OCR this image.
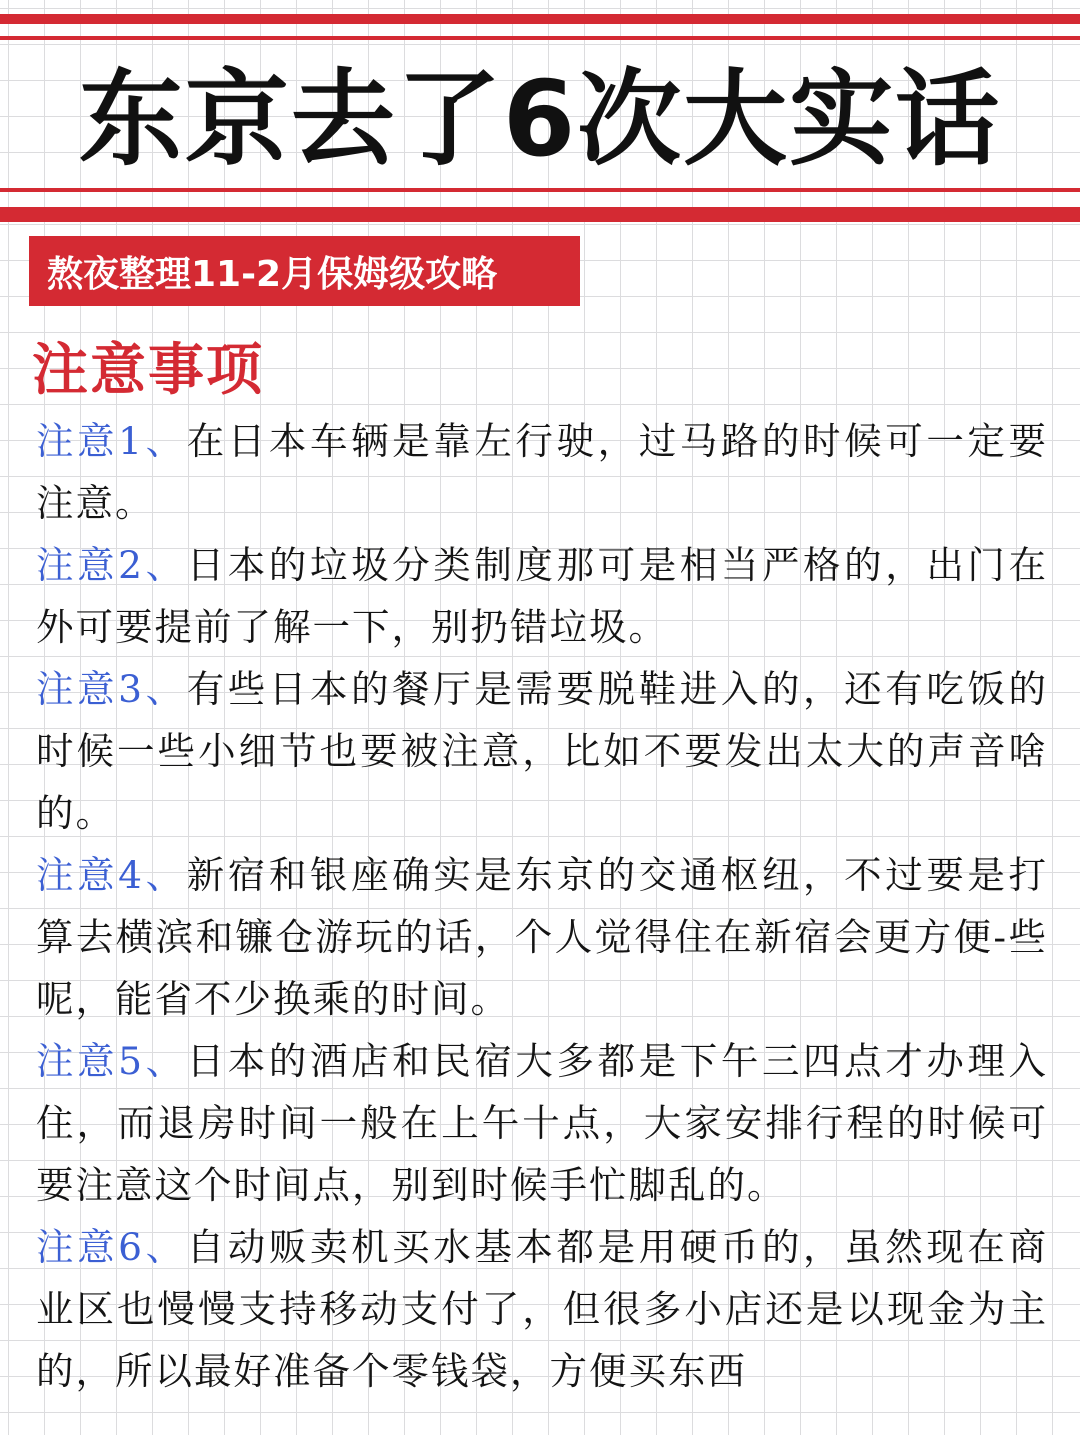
东京去了6次大实话
熬夜整理11-2月保姆级攻略
注意事项

注意1、在日本车辆是靠左行驶，过马路的时候可一定要注意。

注意2、日本的垃圾分类制度那可是相当严格的，出门在外可要提前了解一下，别扔错垃圾。

注意3、有些日本的餐厅是需要脱鞋进入的，还有吃饭的时候一些小细节也要被注意，比如不要发出太大的声音啥的。

注意4、新宿和银座确实是东京的交通枢纽，不过要是打算去横滨和镰仓游玩的话，个人觉得住在新宿会更方便-些呢，能省不少换乘的时间。

注意5、日本的酒店和民宿大多都是下午三四点才办理入住，而退房时间一般在上午十点，大家安排行程的时候可要注意这个时间点，别到时候手忙脚乱的。

注意6、自动贩卖机买水基本都是用硬币的，虽然现在商业区也慢慢支持移动支付了，但很多小店还是以现金为主的，所以最好准备个零钱袋，方便买东西
